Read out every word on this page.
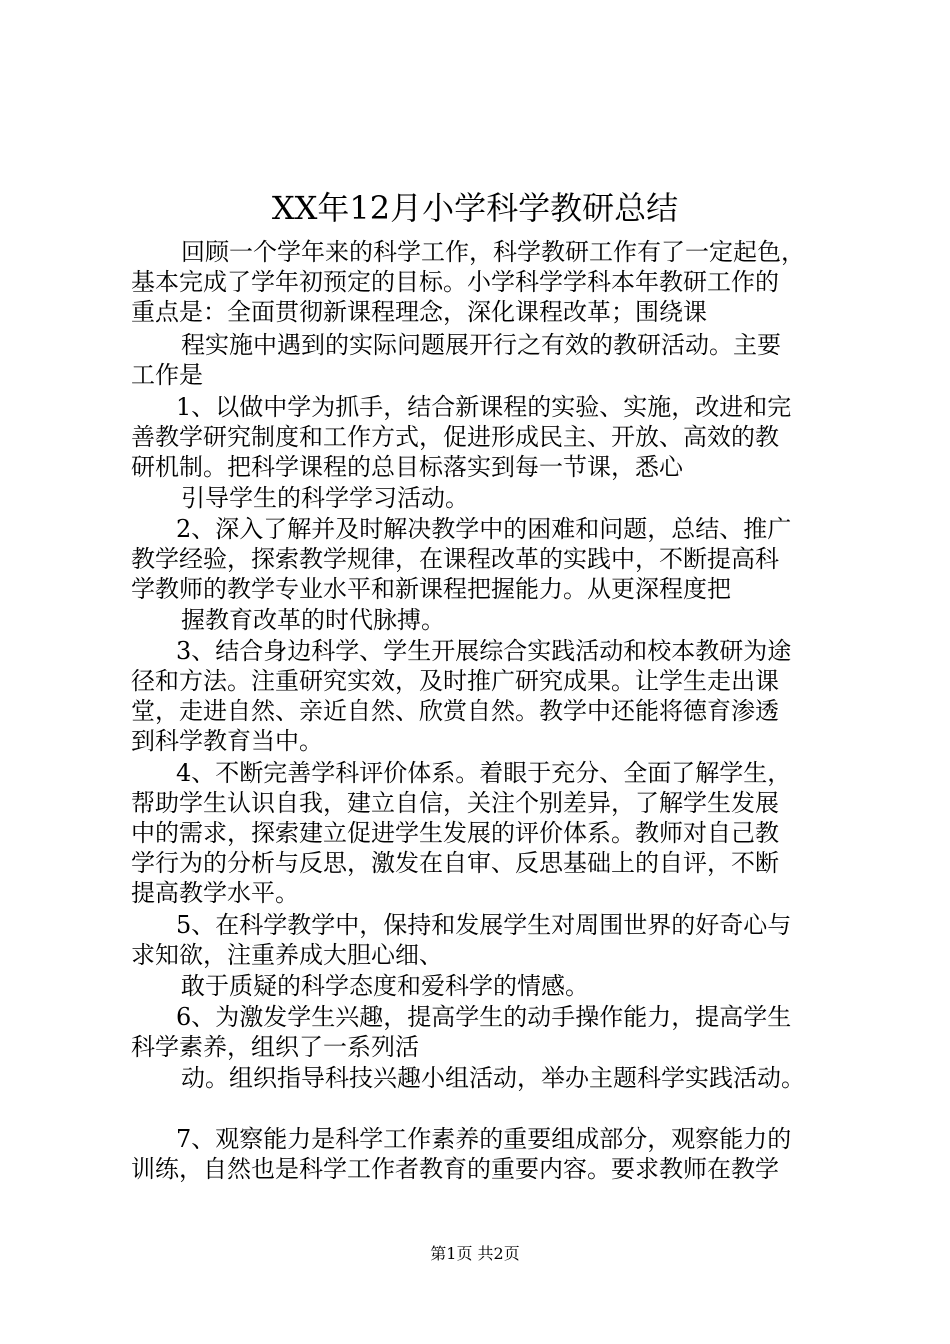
XX年12月小学科学教研总结

回顾一个学年来的科学工作，科学教研工作有了一定起色，

基本完成了学年初预定的目标。小学科学学科本年教研工作的

重点是：全面贯彻新课程理念，深化课程改革；围绕课

程实施中遇到的实际问题展开行之有效的教研活动。主要

工作是

1、以做中学为抓手，结合新课程的实验、实施，改进和完

善教学研究制度和工作方式，促进形成民主、开放、高效的教

研机制。把科学课程的总目标落实到每一节课，悉心

引导学生的科学学习活动。

2、深入了解并及时解决教学中的困难和问题，总结、推广

教学经验，探索教学规律，在课程改革的实践中，不断提高科

学教师的教学专业水平和新课程把握能力。从更深程度把

握教育改革的时代脉搏。

3、结合身边科学、学生开展综合实践活动和校本教研为途

径和方法。注重研究实效，及时推广研究成果。让学生走出课

堂，走进自然、亲近自然、欣赏自然。教学中还能将德育渗透

到科学教育当中。

4、不断完善学科评价体系。着眼于充分、全面了解学生，

帮助学生认识自我，建立自信，关注个别差异，了解学生发展

中的需求，探索建立促进学生发展的评价体系。教师对自己教

学行为的分析与反思，激发在自审、反思基础上的自评，不断

提高教学水平。

5、在科学教学中，保持和发展学生对周围世界的好奇心与

求知欲，注重养成大胆心细、

敢于质疑的科学态度和爱科学的情感。

6、为激发学生兴趣，提高学生的动手操作能力，提高学生

科学素养，组织了一系列活

动。组织指导科技兴趣小组活动，举办主题科学实践活动。

7、观察能力是科学工作素养的重要组成部分，观察能力的

训练，自然也是科学工作者教育的重要内容。要求教师在教学

第1页 共2页
